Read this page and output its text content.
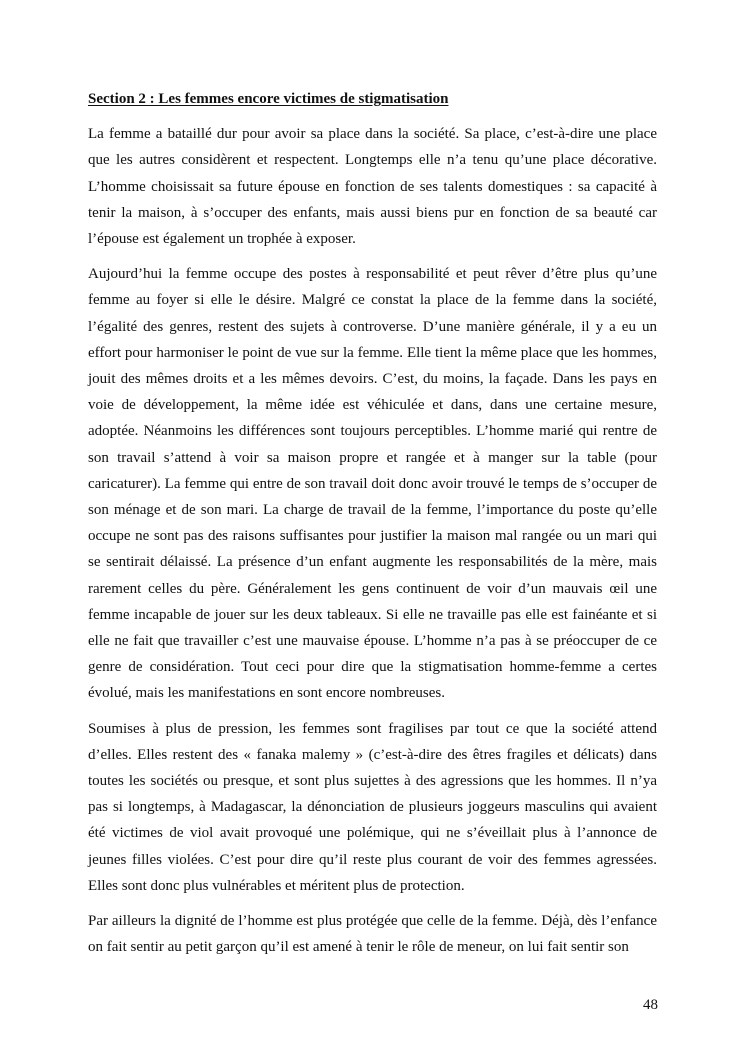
Section 2 : Les femmes encore victimes de stigmatisation

La femme a bataillé dur pour avoir sa place dans la société. Sa place, c’est-à-dire une place que les autres considèrent et respectent. Longtemps elle n’a tenu qu’une place décorative. L’homme choisissait sa future épouse en fonction de ses talents domestiques : sa capacité à tenir la maison, à s’occuper des enfants, mais aussi biens pur en fonction de sa beauté car l’épouse est également un trophée à exposer.

Aujourd’hui la femme occupe des postes à responsabilité et peut rêver d’être plus qu’une femme au foyer si elle le désire. Malgré ce constat la place de la femme dans la société, l’égalité des genres, restent des sujets à controverse. D’une manière générale, il y a eu un effort pour harmoniser le point de vue sur la femme. Elle tient la même place que les hommes, jouit des mêmes droits et a les mêmes devoirs. C’est, du moins, la façade. Dans les pays en voie de développement, la même idée est véhiculée et dans, dans une certaine mesure, adoptée. Néanmoins les différences sont toujours perceptibles. L’homme marié qui rentre de son travail s’attend à voir sa maison propre et rangée et à manger sur la table (pour caricaturer). La femme qui entre de son travail doit donc avoir trouvé le temps de s’occuper de son ménage et de son mari. La charge de travail de la femme, l’importance du poste qu’elle occupe ne sont pas des raisons suffisantes pour justifier la maison mal rangée ou un mari qui se sentirait délaissé. La présence d’un enfant augmente les responsabilités de la mère, mais rarement celles du père. Généralement les gens continuent de voir d’un mauvais œil une femme incapable de jouer sur les deux tableaux. Si elle ne travaille pas elle est fainéante et si elle ne fait que travailler c’est une mauvaise épouse. L’homme n’a pas à se préoccuper de ce genre de considération. Tout ceci pour dire que la stigmatisation homme-femme a certes évolué, mais les manifestations en sont encore nombreuses.

Soumises à plus de pression, les femmes sont fragilises par tout ce que la société attend d’elles. Elles restent des « fanaka malemy » (c’est-à-dire des êtres fragiles et délicats) dans toutes les sociétés ou presque, et sont plus sujettes à des agressions que les hommes. Il n’ya pas si longtemps, à Madagascar, la dénonciation de plusieurs joggeurs masculins qui avaient été victimes de viol avait provoqué une polémique, qui ne s’éveillait plus à l’annonce de jeunes filles violées. C’est pour dire qu’il reste plus courant de voir des femmes agressées. Elles sont donc plus vulnérables et méritent plus de protection.

Par ailleurs la dignité de l’homme est plus protégée que celle de la femme. Déjà, dès l’enfance on fait sentir au petit garçon qu’il est amené à tenir le rôle de meneur, on lui fait sentir son

48
